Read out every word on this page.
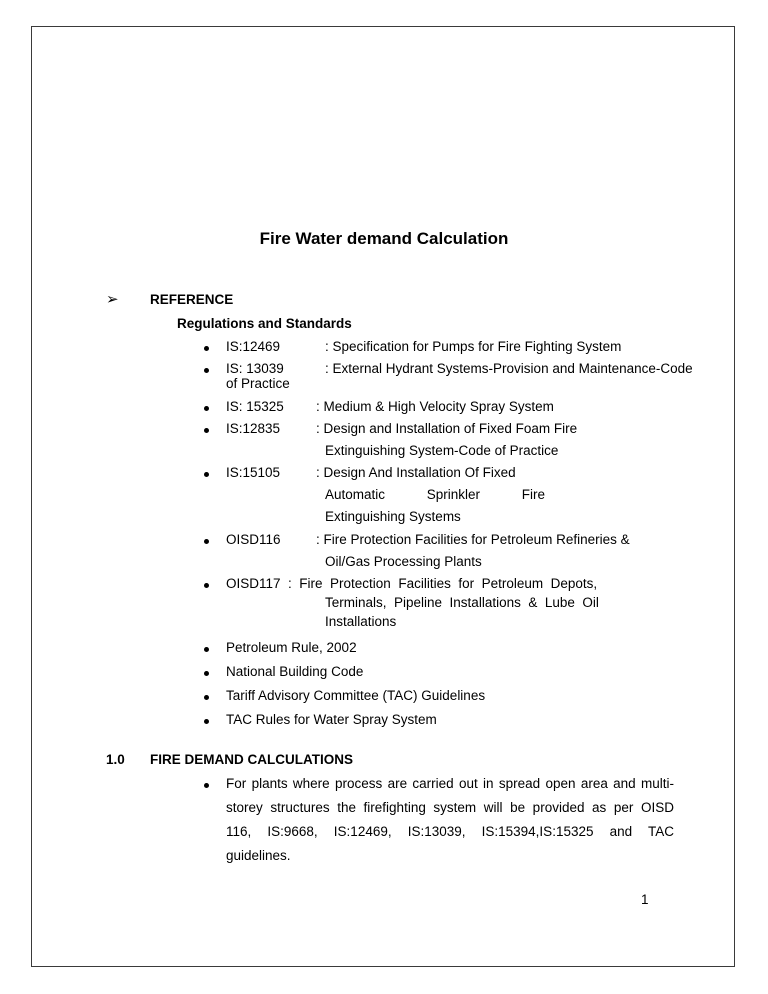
Fire Water demand Calculation
➢ REFERENCE
Regulations and Standards
IS:12469	: Specification for Pumps for Fire Fighting System
IS: 13039	: External Hydrant Systems-Provision and Maintenance-Code
of Practice
IS: 15325 : Medium & High Velocity Spray System
IS:12835	: Design and Installation of Fixed Foam Fire
Extinguishing System-Code of Practice
IS:15105	: Design And Installation Of Fixed
Automatic	Sprinkler	Fire
Extinguishing Systems
OISD116	: Fire Protection Facilities for Petroleum Refineries &
Oil/Gas Processing Plants
OISD117  :  Fire  Protection  Facilities  for  Petroleum  Depots,
Terminals,  Pipeline  Installations  &  Lube  Oil
Installations
Petroleum Rule, 2002
National Building Code
Tariff Advisory Committee (TAC) Guidelines
TAC Rules for Water Spray System
1.0 FIRE DEMAND CALCULATIONS
For plants where process are carried out in spread open area and multi-
storey structures the firefighting system will be provided as per OISD
116, IS:9668, IS:12469, IS:13039, IS:15394,IS:15325 and TAC
guidelines.
1
